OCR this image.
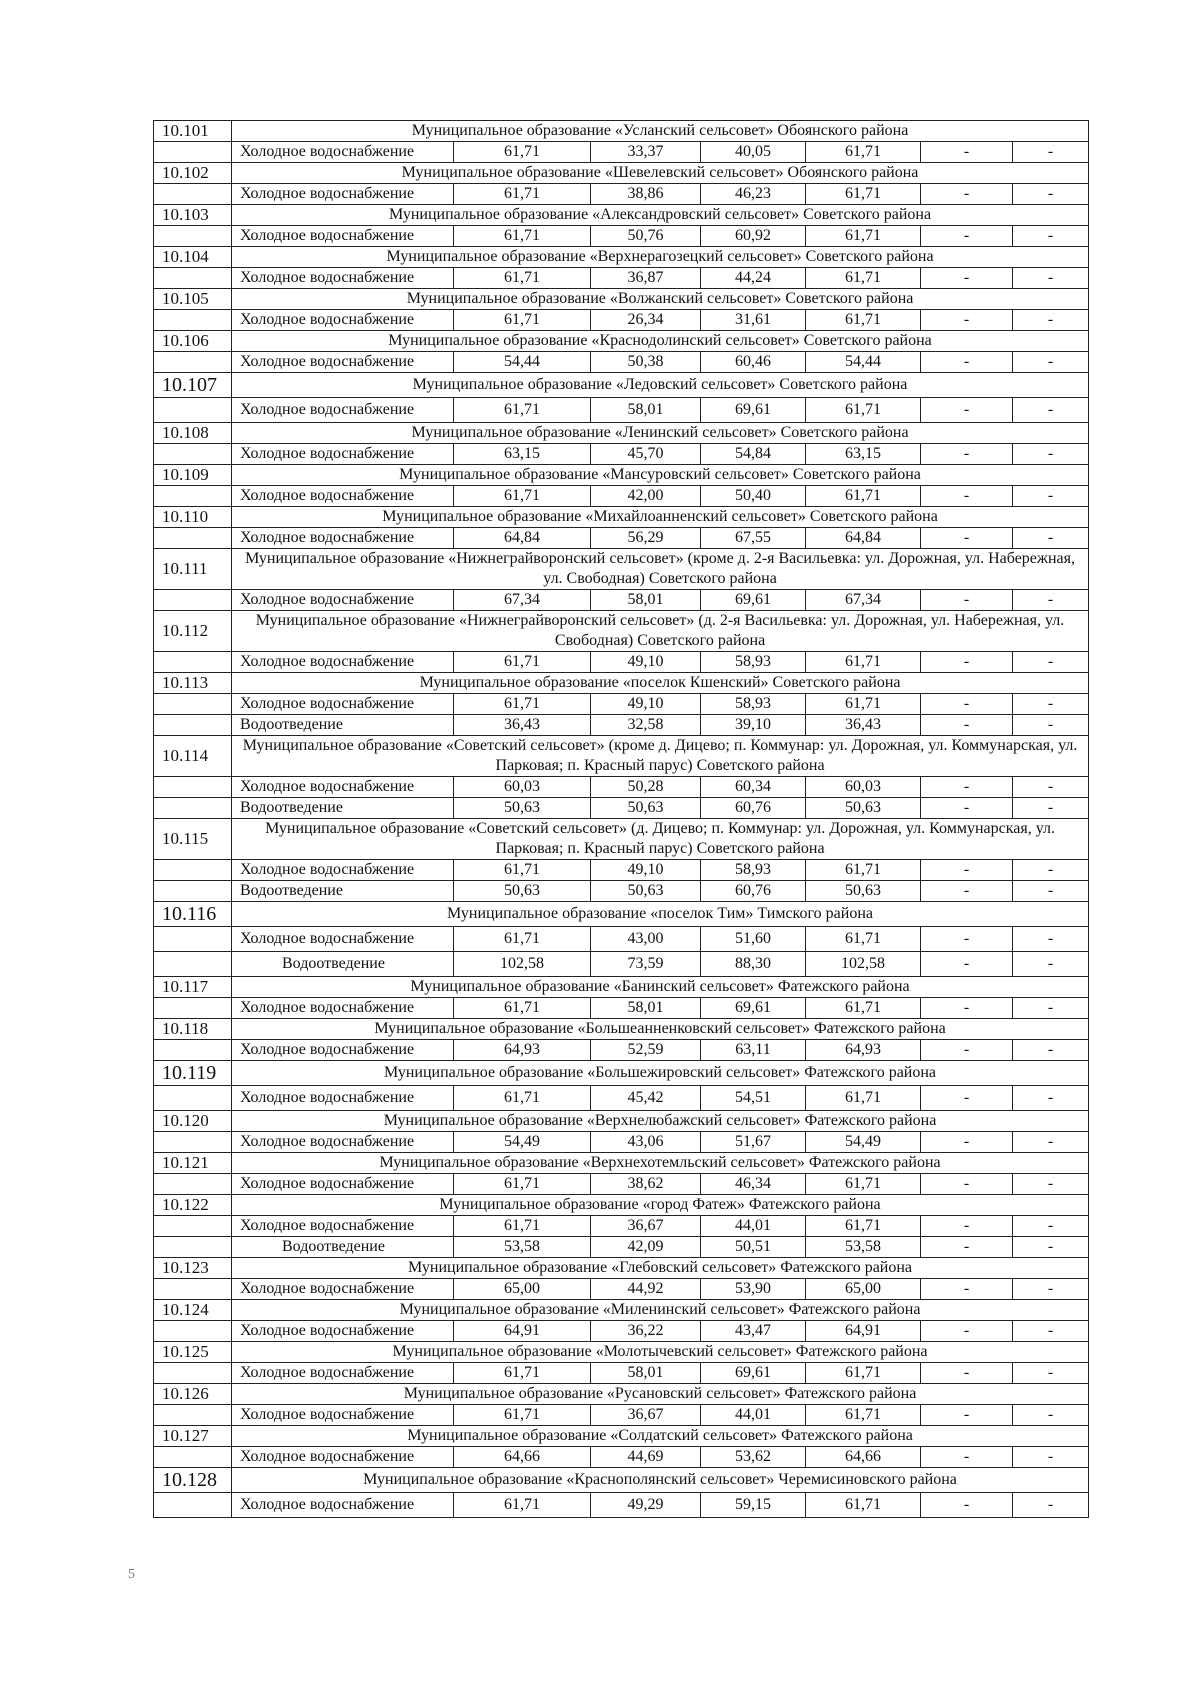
10.101	Муниципальное образование «Усланский сельсовет» Обоянского района						
	Холодное водоснабжение	61,71	33,37	40,05	61,71	-	-
10.102	Муниципальное образование «Шевелевский сельсовет» Обоянского района						
	Холодное водоснабжение	61,71	38,86	46,23	61,71	-	-
10.103	Муниципальное образование «Александровский сельсовет» Советского района						
	Холодное водоснабжение	61,71	50,76	60,92	61,71	-	-
10.104	Муниципальное образование «Верхнерагозецкий сельсовет» Советского района						
	Холодное водоснабжение	61,71	36,87	44,24	61,71	-	-
10.105	Муниципальное образование «Волжанский сельсовет» Советского района						
	Холодное водоснабжение	61,71	26,34	31,61	61,71	-	-
10.106	Муниципальное образование «Краснодолинский сельсовет» Советского района						
	Холодное водоснабжение	54,44	50,38	60,46	54,44	-	-
10.107	Муниципальное образование «Ледовский сельсовет» Советского района						
	Холодное водоснабжение	61,71	58,01	69,61	61,71	-	-
10.108	Муниципальное образование «Ленинский сельсовет» Советского района						
	Холодное водоснабжение	63,15	45,70	54,84	63,15	-	-
10.109	Муниципальное образование «Мансуровский сельсовет» Советского района						
	Холодное водоснабжение	61,71	42,00	50,40	61,71	-	-
10.110	Муниципальное образование «Михайлоанненский сельсовет» Советского района						
	Холодное водоснабжение	64,84	56,29	67,55	64,84	-	-
10.111	Муниципальное образование «Нижнеграйворонский сельсовет» (кроме д. 2-я Васильевка: ул. Дорожная, ул. Набережная, ул. Свободная) Советского района						
	Холодное водоснабжение	67,34	58,01	69,61	67,34	-	-
10.112	Муниципальное образование «Нижнеграйворонский сельсовет» (д. 2-я Васильевка: ул. Дорожная, ул. Набережная, ул. Свободная) Советского района						
	Холодное водоснабжение	61,71	49,10	58,93	61,71	-	-
10.113	Муниципальное образование «поселок Кшенский» Советского района						
	Холодное водоснабжение	61,71	49,10	58,93	61,71	-	-
	Водоотведение	36,43	32,58	39,10	36,43	-	-
10.114	Муниципальное образование «Советский сельсовет» (кроме д. Дицево; п. Коммунар: ул. Дорожная, ул. Коммунарская, ул. Парковая; п. Красный парус) Советского района						
	Холодное водоснабжение	60,03	50,28	60,34	60,03	-	-
	Водоотведение	50,63	50,63	60,76	50,63	-	-
10.115	Муниципальное образование «Советский сельсовет» (д. Дицево; п. Коммунар: ул. Дорожная, ул. Коммунарская, ул. Парковая; п. Красный парус) Советского района						
	Холодное водоснабжение	61,71	49,10	58,93	61,71	-	-
	Водоотведение	50,63	50,63	60,76	50,63	-	-
10.116	Муниципальное образование «поселок Тим» Тимского района						
	Холодное водоснабжение	61,71	43,00	51,60	61,71	-	-
	Водоотведение	102,58	73,59	88,30	102,58	-	-
10.117	Муниципальное образование «Банинский сельсовет» Фатежского района						
	Холодное водоснабжение	61,71	58,01	69,61	61,71	-	-
10.118	Муниципальное образование «Большеанненковский сельсовет» Фатежского района						
	Холодное водоснабжение	64,93	52,59	63,11	64,93	-	-
10.119	Муниципальное образование «Большежировский сельсовет» Фатежского района						
	Холодное водоснабжение	61,71	45,42	54,51	61,71	-	-
10.120	Муниципальное образование «Верхнелюбажский сельсовет» Фатежского района						
	Холодное водоснабжение	54,49	43,06	51,67	54,49	-	-
10.121	Муниципальное образование «Верхнехотемльский сельсовет» Фатежского района						
	Холодное водоснабжение	61,71	38,62	46,34	61,71	-	-
10.122	Муниципальное образование «город Фатеж» Фатежского района						
	Холодное водоснабжение	61,71	36,67	44,01	61,71	-	-
	Водоотведение	53,58	42,09	50,51	53,58	-	-
10.123	Муниципальное образование «Глебовский сельсовет» Фатежского района						
	Холодное водоснабжение	65,00	44,92	53,90	65,00	-	-
10.124	Муниципальное образование «Миленинский сельсовет» Фатежского района						
	Холодное водоснабжение	64,91	36,22	43,47	64,91	-	-
10.125	Муниципальное образование «Молотычевский сельсовет» Фатежского района						
	Холодное водоснабжение	61,71	58,01	69,61	61,71	-	-
10.126	Муниципальное образование «Русановский сельсовет» Фатежского района						
	Холодное водоснабжение	61,71	36,67	44,01	61,71	-	-
10.127	Муниципальное образование «Солдатский сельсовет» Фатежского района						
	Холодное водоснабжение	64,66	44,69	53,62	64,66	-	-
10.128	Муниципальное образование «Краснополянский сельсовет» Черемисиновского района						
	Холодное водоснабжение	61,71	49,29	59,15	61,71	-	-
5
